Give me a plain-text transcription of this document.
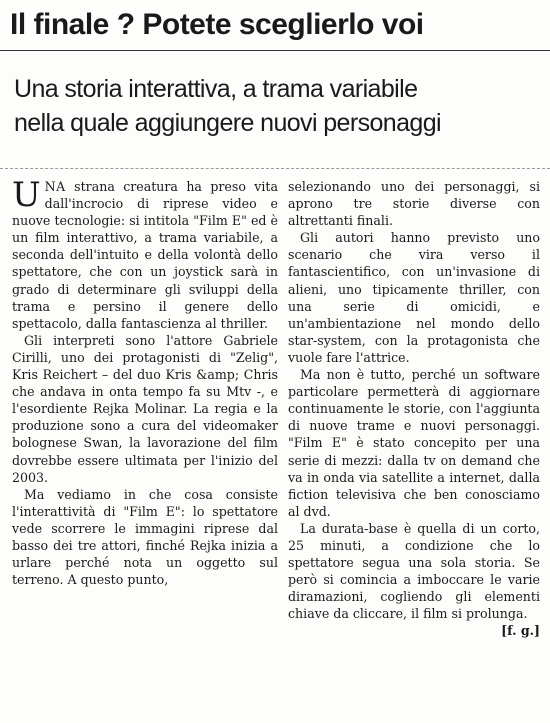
Il finale ? Potete sceglierlo voi
Una storia interattiva, a trama variabile
nella quale aggiungere nuovi personaggi

UNA strana creatura ha preso vita dall'incrocio di riprese video e nuove tecnologie: si intitola "Film E" ed è un film interattivo, a trama variabile, a seconda dell'intuito e della volontà dello spettatore, che con un joystick sarà in grado di determinare gli sviluppi della trama e persino il genere dello spettacolo, dalla fantascienza al thriller.

Gli interpreti sono l'attore Gabriele Cirilli, uno dei protagonisti di "Zelig", Kris Reichert – del duo Kris &amp; Chris che andava in onta tempo fa su Mtv -, e l'esordiente Rejka Molinar. La regia e la produzione sono a cura del videomaker bolognese Swan, la lavorazione del film dovrebbe essere ultimata per l'inizio del 2003.

Ma vediamo in che cosa consiste l'interattività di "Film E": lo spettatore vede scorrere le immagini riprese dal basso dei tre attori, finché Rejka inizia a urlare perché nota un oggetto sul terreno. A questo punto,

selezionando uno dei personaggi, si aprono tre storie diverse con altrettanti finali.

Gli autori hanno previsto uno scenario che vira verso il fantascientifico, con un'invasione di alieni, uno tipicamente thriller, con una serie di omicidi, e un'ambientazione nel mondo dello star-system, con la protagonista che vuole fare l'attrice.

Ma non è tutto, perché un software particolare permetterà di aggiornare continuamente le storie, con l'aggiunta di nuove trame e nuovi personaggi. "Film E" è stato concepito per una serie di mezzi: dalla tv on demand che va in onda via satellite a internet, dalla fiction televisiva che ben conosciamo al dvd.

La durata-base è quella di un corto, 25 minuti, a condizione che lo spettatore segua una sola storia. Se però si comincia a imboccare le varie diramazioni, cogliendo gli elementi chiave da cliccare, il film si prolunga.
[f. g.]
